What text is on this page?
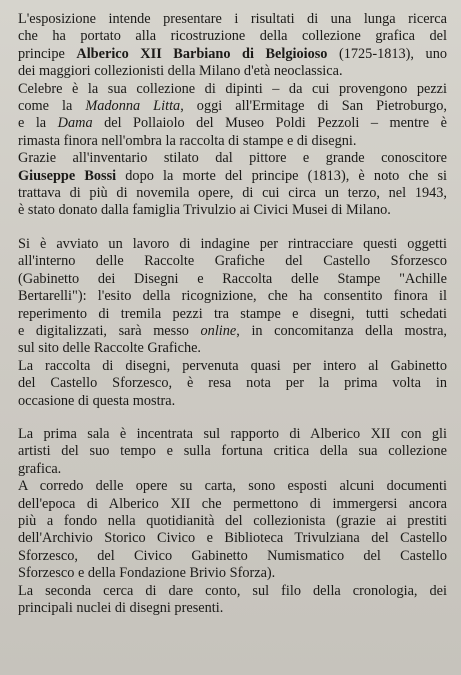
L'esposizione intende presentare i risultati di una lunga ricerca
che ha portato alla ricostruzione della collezione grafica del
principe Alberico XII Barbiano di Belgioioso (1725-1813), uno
dei maggiori collezionisti della Milano d'età neoclassica.
Celebre è la sua collezione di dipinti – da cui provengono pezzi
come la Madonna Litta, oggi all'Ermitage di San Pietroburgo,
e la Dama del Pollaiolo del Museo Poldi Pezzoli – mentre è
rimasta finora nell'ombra la raccolta di stampe e di disegni.
Grazie all'inventario stilato dal pittore e grande conoscitore
Giuseppe Bossi dopo la morte del principe (1813), è noto che si
trattava di più di novemila opere, di cui circa un terzo, nel 1943,
è stato donato dalla famiglia Trivulzio ai Civici Musei di Milano.
Si è avviato un lavoro di indagine per rintracciare questi oggetti
all'interno delle Raccolte Grafiche del Castello Sforzesco
(Gabinetto dei Disegni e Raccolta delle Stampe "Achille
Bertarelli"): l'esito della ricognizione, che ha consentito finora il
reperimento di tremila pezzi tra stampe e disegni, tutti schedati
e digitalizzati, sarà messo online, in concomitanza della mostra,
sul sito delle Raccolte Grafiche.
La raccolta di disegni, pervenuta quasi per intero al Gabinetto
del Castello Sforzesco, è resa nota per la prima volta in
occasione di questa mostra.
La prima sala è incentrata sul rapporto di Alberico XII con gli
artisti del suo tempo e sulla fortuna critica della sua collezione
grafica.
A corredo delle opere su carta, sono esposti alcuni documenti
dell'epoca di Alberico XII che permettono di immergersi ancora
più a fondo nella quotidianità del collezionista (grazie ai prestiti
dell'Archivio Storico Civico e Biblioteca Trivulziana del Castello
Sforzesco, del Civico Gabinetto Numismatico del Castello
Sforzesco e della Fondazione Brivio Sforza).
La seconda cerca di dare conto, sul filo della cronologia, dei
principali nuclei di disegni presenti.
